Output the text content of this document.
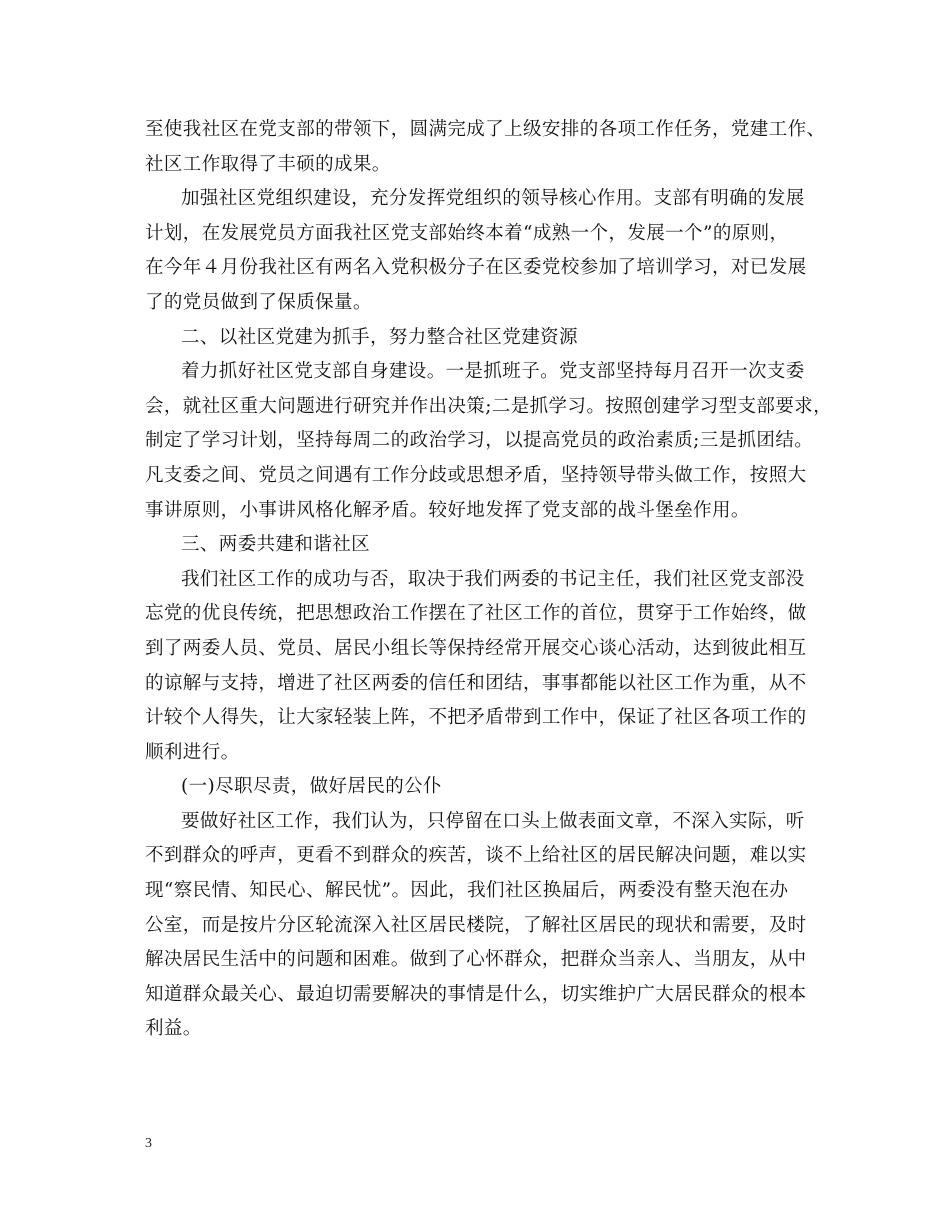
至使我社区在党支部的带领下，圆满完成了上级安排的各项工作任务，党建工作、
社区工作取得了丰硕的成果。
加强社区党组织建设，充分发挥党组织的领导核心作用。支部有明确的发展
计划，在发展党员方面我社区党支部始终本着“成熟一个，发展一个”的原则，
在今年４月份我社区有两名入党积极分子在区委党校参加了培训学习，对已发展
了的党员做到了保质保量。
二、以社区党建为抓手，努力整合社区党建资源
着力抓好社区党支部自身建设。一是抓班子。党支部坚持每月召开一次支委
会，就社区重大问题进行研究并作出决策;二是抓学习。按照创建学习型支部要求，
制定了学习计划，坚持每周二的政治学习，以提高党员的政治素质;三是抓团结。
凡支委之间、党员之间遇有工作分歧或思想矛盾，坚持领导带头做工作，按照大
事讲原则，小事讲风格化解矛盾。较好地发挥了党支部的战斗堡垒作用。
三、两委共建和谐社区
我们社区工作的成功与否，取决于我们两委的书记主任，我们社区党支部没
忘党的优良传统，把思想政治工作摆在了社区工作的首位，贯穿于工作始终，做
到了两委人员、党员、居民小组长等保持经常开展交心谈心活动，达到彼此相互
的谅解与支持，增进了社区两委的信任和团结，事事都能以社区工作为重，从不
计较个人得失，让大家轻装上阵，不把矛盾带到工作中，保证了社区各项工作的
顺利进行。
(一)尽职尽责，做好居民的公仆
要做好社区工作，我们认为，只停留在口头上做表面文章，不深入实际，听
不到群众的呼声，更看不到群众的疾苦，谈不上给社区的居民解决问题，难以实
现“察民情、知民心、解民忧”。因此，我们社区换届后，两委没有整天泡在办
公室，而是按片分区轮流深入社区居民楼院，了解社区居民的现状和需要，及时
解决居民生活中的问题和困难。做到了心怀群众，把群众当亲人、当朋友，从中
知道群众最关心、最迫切需要解决的事情是什么，切实维护广大居民群众的根本
利益。
3
